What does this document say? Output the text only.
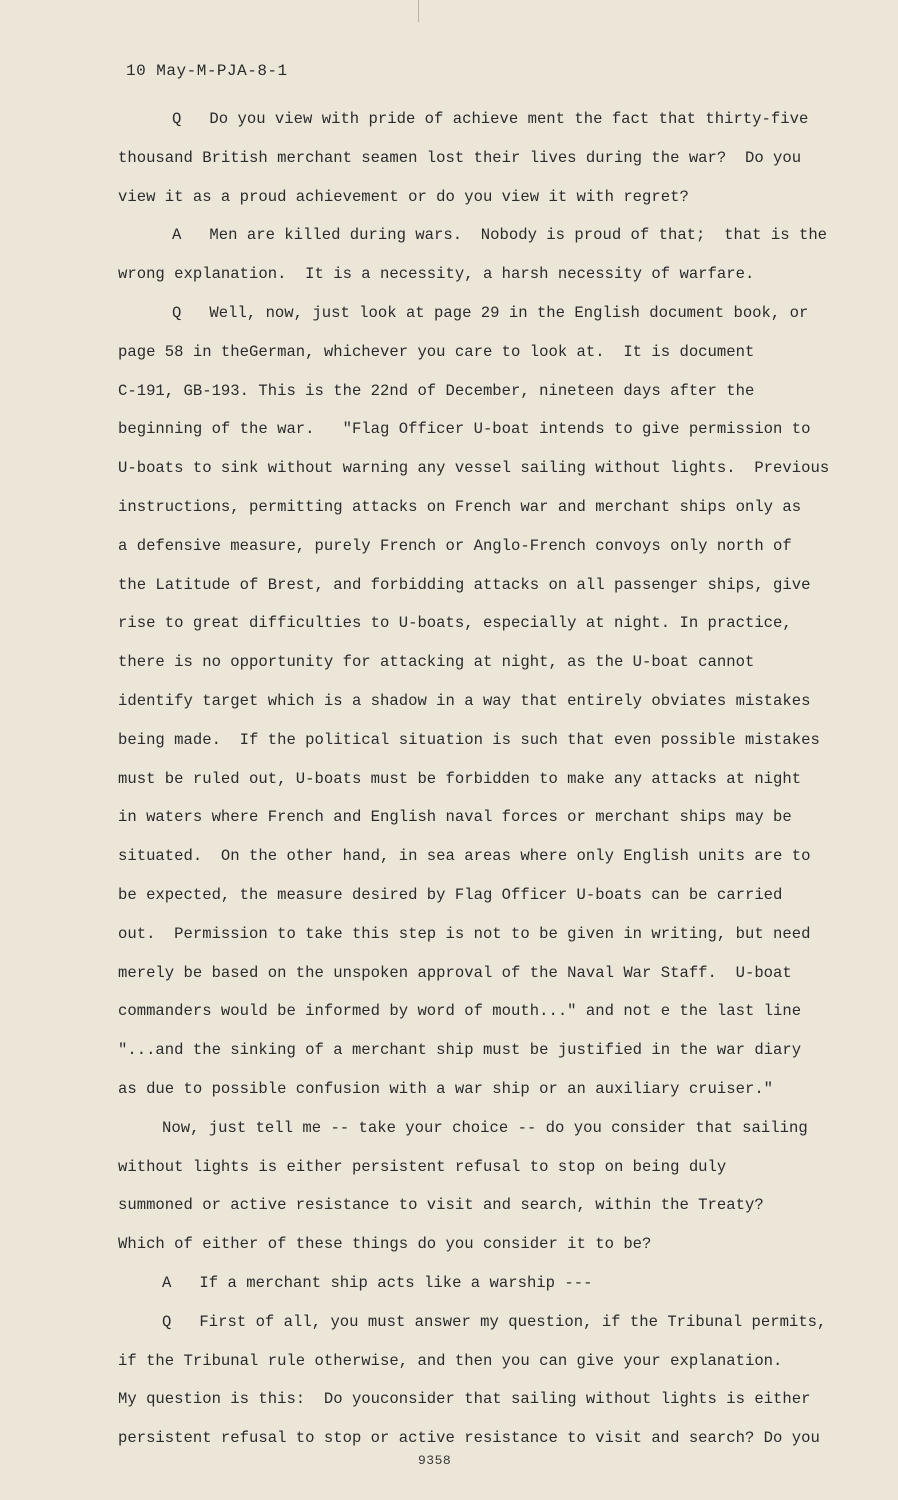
10 May-M-PJA-8-1

Q   Do you view with pride of achieve ment the fact that thirty-five

thousand British merchant seamen lost their lives during the war?  Do you

view it as a proud achievement or do you view it with regret?

A   Men are killed during wars.  Nobody is proud of that;  that is the

wrong explanation.  It is a necessity, a harsh necessity of warfare.

Q   Well, now, just look at page 29 in the English document book, or

page 58 in theGerman, whichever you care to look at.  It is document

C-191, GB-193. This is the 22nd of December, nineteen days after the

beginning of the war.   "Flag Officer U-boat intends to give permission to

U-boats to sink without warning any vessel sailing without lights.  Previous

instructions, permitting attacks on French war and merchant ships only as

a defensive measure, purely French or Anglo-French convoys only north of

the Latitude of Brest, and forbidding attacks on all passenger ships, give

rise to great difficulties to U-boats, especially at night. In practice,

there is no opportunity for attacking at night, as the U-boat cannot

identify target which is a shadow in a way that entirely obviates mistakes

being made.  If the political situation is such that even possible mistakes

must be ruled out, U-boats must be forbidden to make any attacks at night

in waters where French and English naval forces or merchant ships may be

situated.  On the other hand, in sea areas where only English units are to

be expected, the measure desired by Flag Officer U-boats can be carried

out.  Permission to take this step is not to be given in writing, but need

merely be based on the unspoken approval of the Naval War Staff.  U-boat

commanders would be informed by word of mouth..." and not e the last line

"...and the sinking of a merchant ship must be justified in the war diary

as due to possible confusion with a war ship or an auxiliary cruiser."

Now, just tell me -- take your choice -- do you consider that sailing

without lights is either persistent refusal to stop on being duly

summoned or active resistance to visit and search, within the Treaty?

Which of either of these things do you consider it to be?

A   If a merchant ship acts like a warship ---

Q   First of all, you must answer my question, if the Tribunal permits,

if the Tribunal rule otherwise, and then you can give your explanation.

My question is this:  Do youconsider that sailing without lights is either

persistent refusal to stop or active resistance to visit and search? Do you

9358
